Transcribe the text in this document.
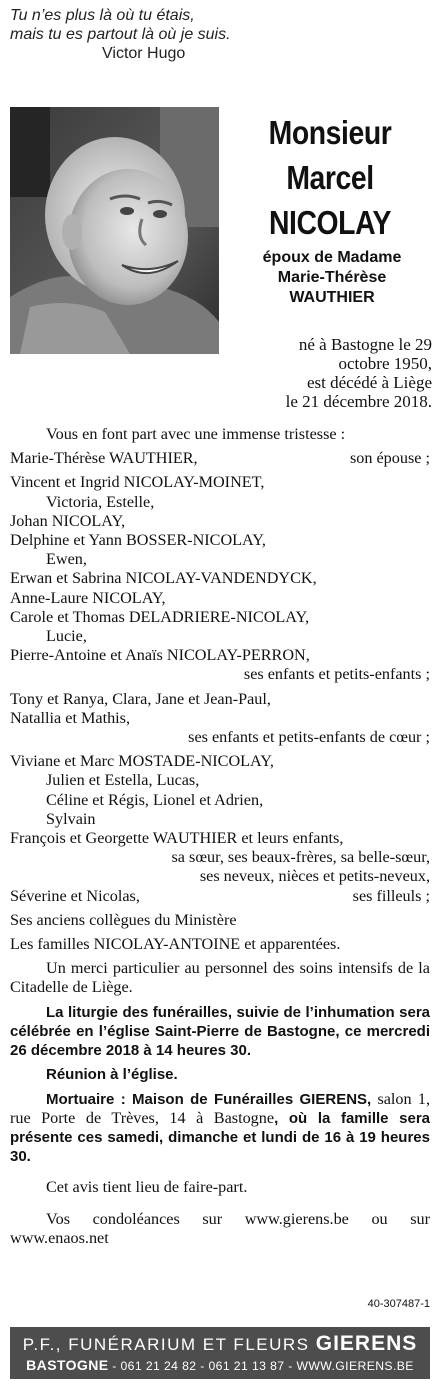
Tu n’es plus là où tu étais,
mais tu es partout là où je suis.
Victor Hugo
Monsieur
Marcel
NICOLAY
époux de Madame
Marie-Thérèse
WAUTHIER
né à Bastogne le 29
octobre 1950,
est décédé à Liège
le 21 décembre 2018.
Vous en font part avec une immense tristesse :
Marie-Thérèse WAUTHIER,	son épouse ;
Vincent et Ingrid NICOLAY-MOINET,
Victoria, Estelle,
Johan NICOLAY,
Delphine et Yann BOSSER-NICOLAY,
Ewen,
Erwan et Sabrina NICOLAY-VANDENDYCK,
Anne-Laure NICOLAY,
Carole et Thomas DELADRIERE-NICOLAY,
Lucie,
Pierre-Antoine et Anaïs NICOLAY-PERRON,
ses enfants et petits-enfants ;
Tony et Ranya, Clara, Jane et Jean-Paul,
Natallia et Mathis,
ses enfants et petits-enfants de cœur ;
Viviane et Marc MOSTADE-NICOLAY,
Julien et Estella, Lucas,
Céline et Régis, Lionel et Adrien,
Sylvain
François et Georgette WAUTHIER et leurs enfants,
sa sœur, ses beaux-frères, sa belle-sœur,
ses neveux, nièces et petits-neveux,
Séverine et Nicolas,	ses filleuls ;
Ses anciens collègues du Ministère
Les familles NICOLAY-ANTOINE et apparentées.
Un merci particulier au personnel des soins intensifs de la Citadelle de Liège.
La liturgie des funérailles, suivie de l’inhumation sera célébrée en l’église Saint-Pierre de Bastogne, ce mercredi 26 décembre 2018 à 14 heures 30.
Réunion à l’église.
Mortuaire : Maison de Funérailles GIERENS, salon 1, rue Porte de Trèves, 14 à Bastogne, où la famille sera présente ces samedi, dimanche et lundi de 16 à 19 heures 30.
Cet avis tient lieu de faire-part.
Vos condoléances sur www.gierens.be ou sur www.enaos.net
40-307487-1
P.F., FUNÉRARIUM ET FLEURS GIERENS
BASTOGNE - 061 21 24 82 - 061 21 13 87 - WWW.GIERENS.BE
